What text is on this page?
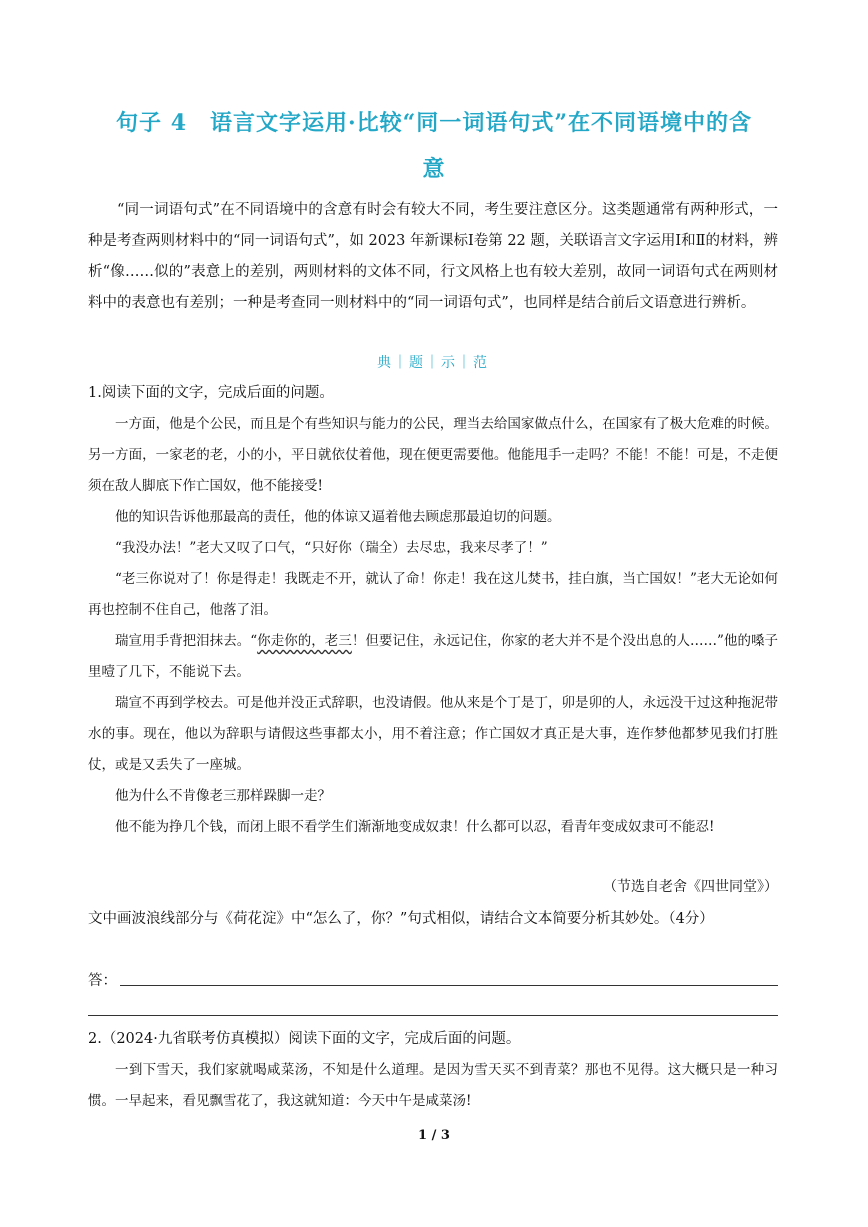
句子 4　语言文字运用·比较“同一词语句式”在不同语境中的含
意
“同一词语句式”在不同语境中的含意有时会有较大不同，考生要注意区分。这类题通常有两种形式，一种是考查两则材料中的“同一词语句式”，如 2023 年新课标Ⅰ卷第 22 题，关联语言文字运用Ⅰ和Ⅱ的材料，辨析“像……似的”表意上的差别，两则材料的文体不同，行文风格上也有较大差别，故同一词语句式在两则材料中的表意也有差别；一种是考查同一则材料中的“同一词语句式”，也同样是结合前后文语意进行辨析。
典｜题｜示｜范
1.阅读下面的文字，完成后面的问题。
一方面，他是个公民，而且是个有些知识与能力的公民，理当去给国家做点什么，在国家有了极大危难的时候。另一方面，一家老的老，小的小，平日就依仗着他，现在便更需要他。他能甩手一走吗？不能！不能！可是，不走便须在敌人脚底下作亡国奴，他不能接受!
他的知识告诉他那最高的责任，他的体谅又逼着他去顾虑那最迫切的问题。
“我没办法！”老大又叹了口气，“只好你（瑞全）去尽忠，我来尽孝了！”
“老三你说对了！你是得走！我既走不开，就认了命！你走！我在这儿焚书，挂白旗，当亡国奴！”老大无论如何再也控制不住自己，他落了泪。
瑞宣用手背把泪抹去。“你走你的，老三！但要记住，永远记住，你家的老大并不是个没出息的人……”他的嗓子里噎了几下，不能说下去。
瑞宣不再到学校去。可是他并没正式辞职，也没请假。他从来是个丁是丁，卯是卯的人，永远没干过这种拖泥带水的事。现在，他以为辞职与请假这些事都太小，用不着注意；作亡国奴才真正是大事，连作梦他都梦见我们打胜仗，或是又丢失了一座城。
他为什么不肯像老三那样跺脚一走？
他不能为挣几个钱，而闭上眼不看学生们渐渐地变成奴隶！什么都可以忍，看青年变成奴隶可不能忍!
（节选自老舍《四世同堂》）
文中画波浪线部分与《荷花淀》中“怎么了，你？”句式相似，请结合文本简要分析其妙处。（4分）
答：
2.（2024·九省联考仿真模拟）阅读下面的文字，完成后面的问题。
一到下雪天，我们家就喝咸菜汤，不知是什么道理。是因为雪天买不到青菜？那也不见得。这大概只是一种习惯。一早起来，看见飘雪花了，我这就知道：今天中午是咸菜汤!
1 / 3
